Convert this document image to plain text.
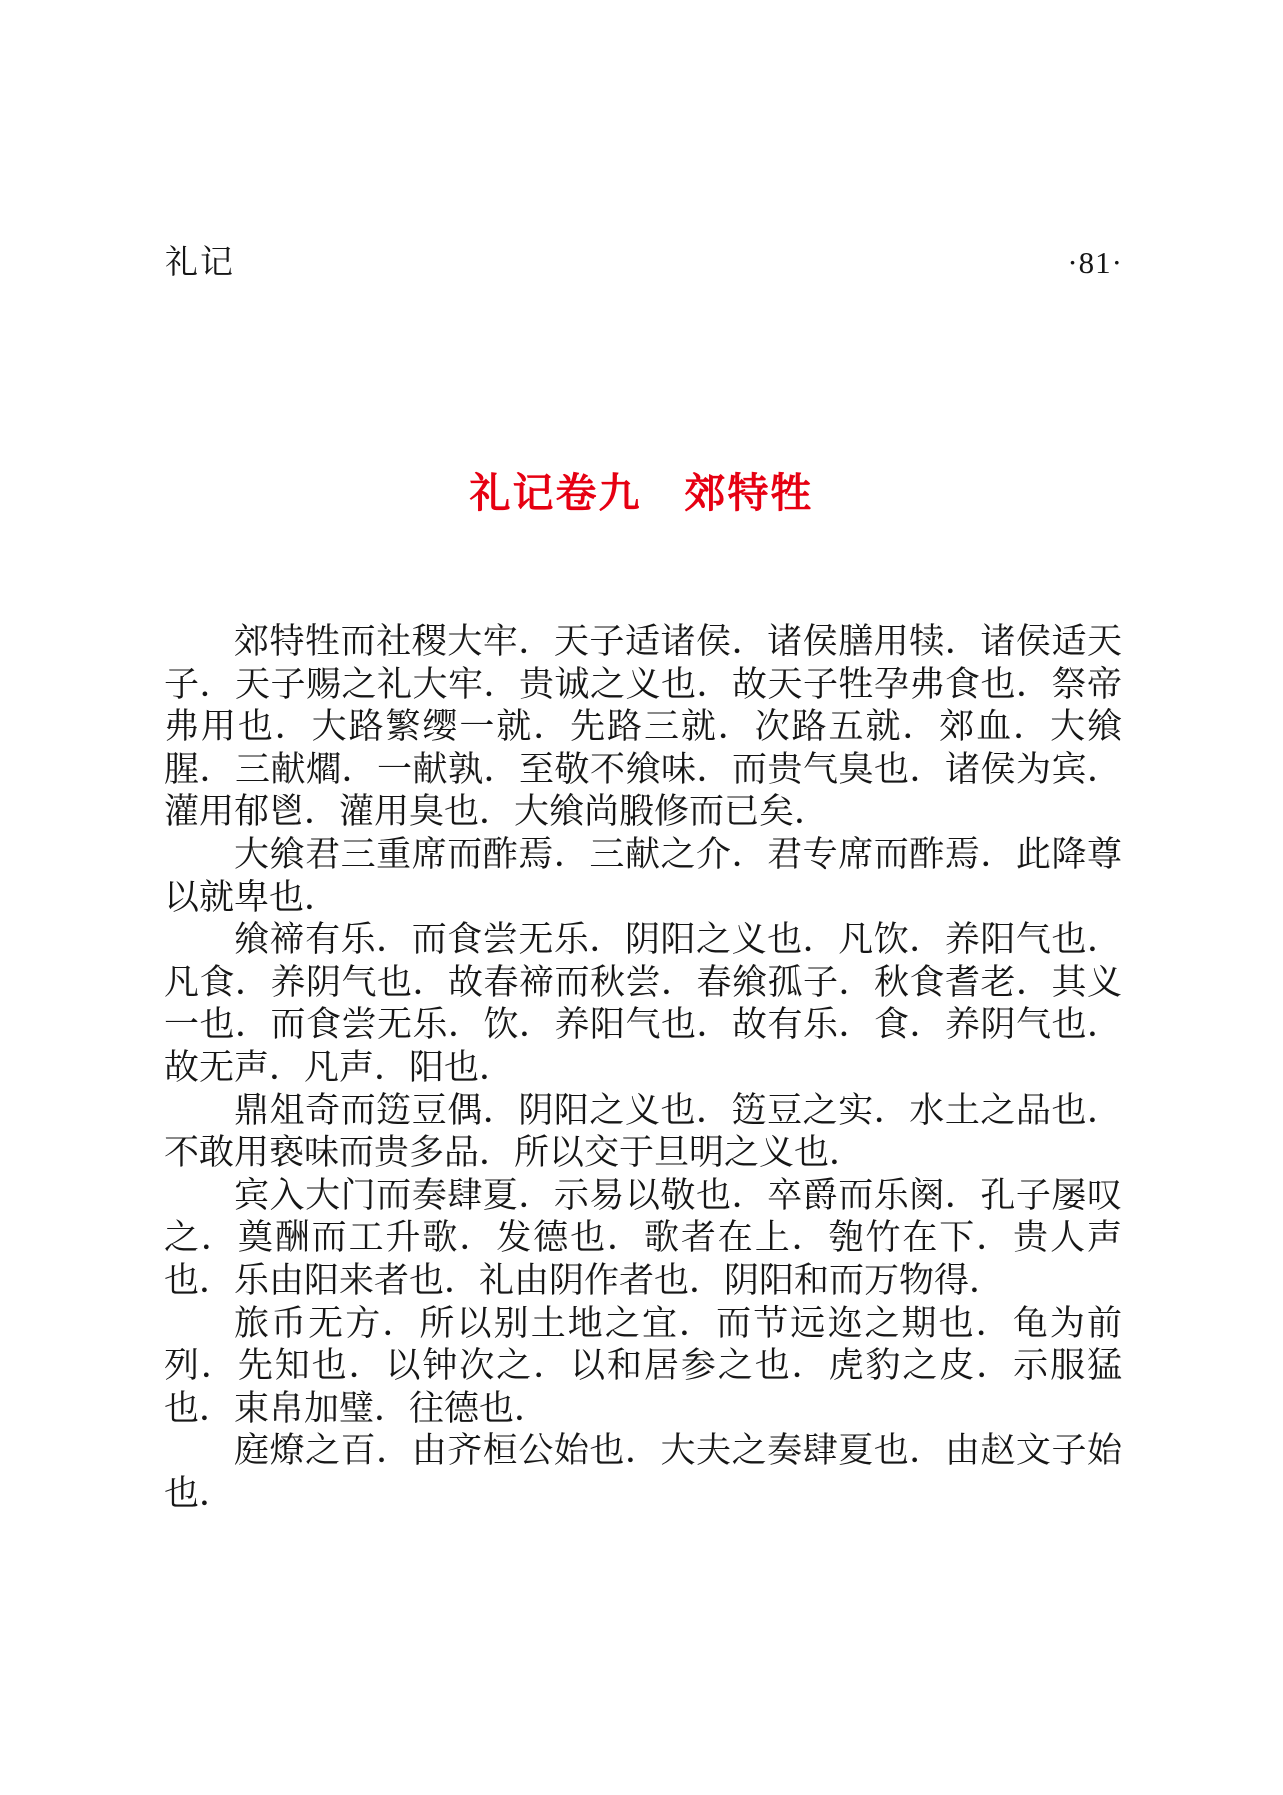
礼记	·81·
礼记卷九　郊特牲

郊特牲而社稷大牢．天子适诸侯．诸侯膳用犊．诸侯适天子．天子赐之礼大牢．贵诚之义也．故天子牲孕弗食也．祭帝弗用也．大路繁缨一就．先路三就．次路五就．郊血．大飨腥．三献爓．一献孰．至敬不飨味．而贵气臭也．诸侯为宾．灌用郁鬯．灌用臭也．大飨尚腶修而已矣．

大飨君三重席而酢焉．三献之介．君专席而酢焉．此降尊以就卑也．

飨禘有乐．而食尝无乐．阴阳之义也．凡饮．养阳气也．凡食．养阴气也．故春禘而秋尝．春飨孤子．秋食耆老．其义一也．而食尝无乐．饮．养阳气也．故有乐．食．养阴气也．故无声．凡声．阳也．

鼎俎奇而笾豆偶．阴阳之义也．笾豆之实．水土之品也．不敢用亵味而贵多品．所以交于旦明之义也．

宾入大门而奏肆夏．示易以敬也．卒爵而乐阕．孔子屡叹之．奠酬而工升歌．发德也．歌者在上．匏竹在下．贵人声也．乐由阳来者也．礼由阴作者也．阴阳和而万物得．

旅币无方．所以别土地之宜．而节远迩之期也．龟为前列．先知也．以钟次之．以和居参之也．虎豹之皮．示服猛也．束帛加璧．往德也．

庭燎之百．由齐桓公始也．大夫之奏肆夏也．由赵文子始也．
